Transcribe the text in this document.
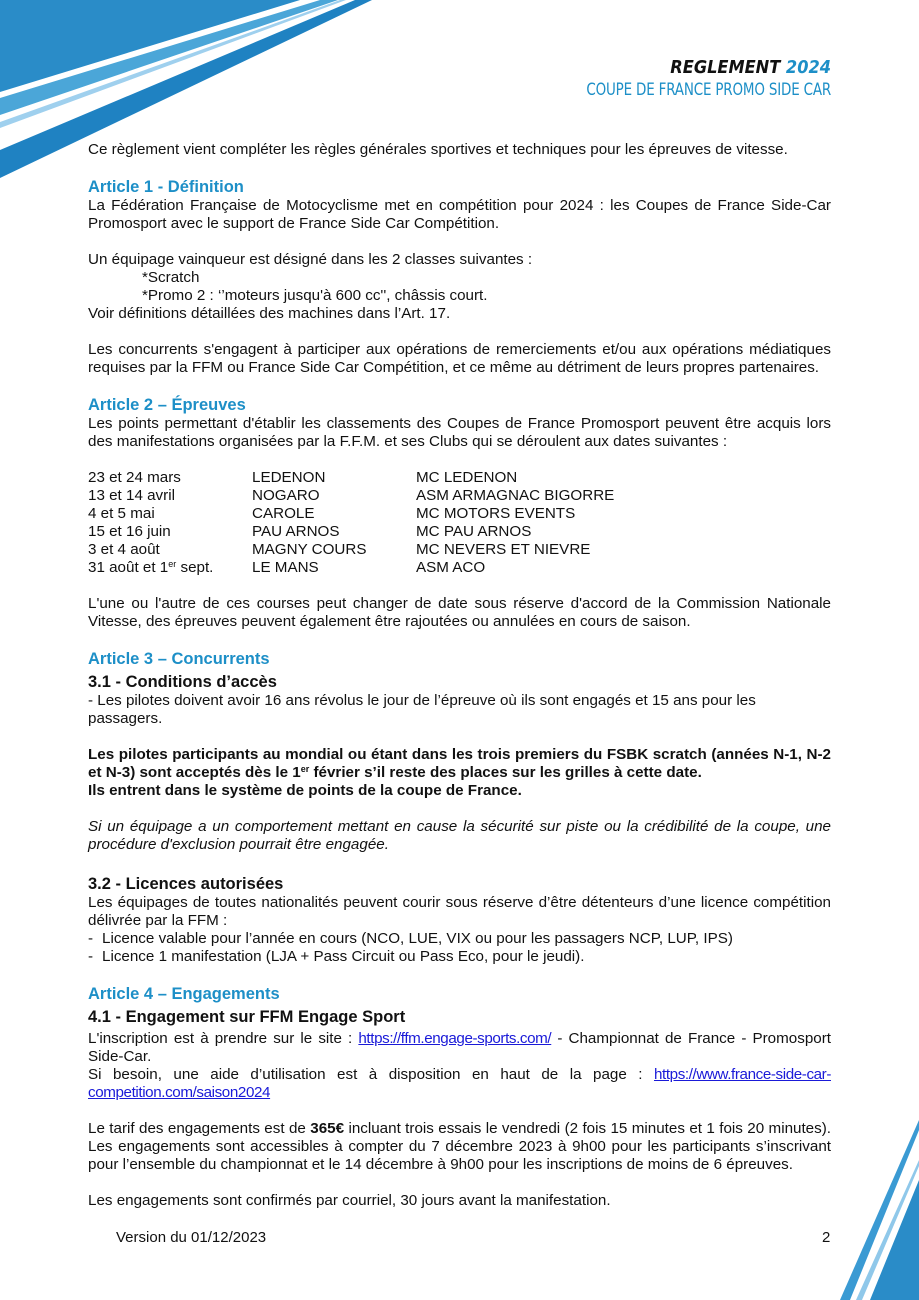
REGLEMENT 2024
COUPE DE FRANCE PROMO SIDE CAR

Ce règlement vient compléter les règles générales sportives et techniques pour les épreuves de vitesse.

Article 1 - Définition

La Fédération Française de Motocyclisme met en compétition pour 2024 : les Coupes de France Side-Car Promosport avec le support de France Side Car Compétition.

Un équipage vainqueur est désigné dans les 2 classes suivantes :

*Scratch

*Promo 2 : ‘’moteurs jusqu'à 600 cc'', châssis court.

Voir définitions détaillées des machines dans l’Art. 17.

Les concurrents s'engagent à participer aux opérations de remerciements et/ou aux opérations médiatiques requises par la FFM ou France Side Car Compétition, et ce même au détriment de leurs propres partenaires.

Article 2 – Épreuves

Les points permettant d'établir les classements des Coupes de France Promosport peuvent être acquis lors des manifestations organisées par la F.F.M. et ses Clubs qui se déroulent aux dates suivantes :

23 et 24 mars	LEDENON	MC LEDENON
13 et 14 avril	NOGARO	ASM ARMAGNAC BIGORRE
4 et 5 mai	CAROLE	MC MOTORS EVENTS
15 et 16 juin	PAU ARNOS	MC PAU ARNOS
3 et 4 août	MAGNY COURS	MC NEVERS ET NIEVRE
31 août et 1er sept.	LE MANS	ASM ACO

L'une ou l'autre de ces courses peut changer de date sous réserve d'accord de la Commission Nationale Vitesse, des épreuves peuvent également être rajoutées ou annulées en cours de saison.

Article 3 – Concurrents

3.1 - Conditions d’accès

- Les pilotes doivent avoir 16 ans révolus le jour de l’épreuve où ils sont engagés et 15 ans pour les passagers.

Les pilotes participants au mondial ou étant dans les trois premiers du FSBK scratch (années N-1, N-2 et N-3) sont acceptés dès le 1er février s’il reste des places sur les grilles à cette date.

Ils entrent dans le système de points de la coupe de France.

Si un équipage a un comportement mettant en cause la sécurité sur piste ou la crédibilité de la coupe, une procédure d'exclusion pourrait être engagée.

3.2 - Licences autorisées

Les équipages de toutes nationalités peuvent courir sous réserve d’être détenteurs d’une licence compétition délivrée par la FFM :

- Licence valable pour l’année en cours (NCO, LUE, VIX ou pour les passagers NCP, LUP, IPS)
- Licence 1 manifestation (LJA + Pass Circuit ou Pass Eco, pour le jeudi).

Article 4 – Engagements

4.1 - Engagement sur FFM Engage Sport

L'inscription est à prendre sur le site : https://ffm.engage-sports.com/ - Championnat de France - Promosport Side-Car.

Si besoin, une aide d’utilisation est à disposition en haut de la page : https://www.france-side-car-competition.com/saison2024

Le tarif des engagements est de 365€ incluant trois essais le vendredi (2 fois 15 minutes et 1 fois 20 minutes). Les engagements sont accessibles à compter du 7 décembre 2023 à 9h00 pour les participants s’inscrivant pour l’ensemble du championnat et le 14 décembre à 9h00 pour les inscriptions de moins de 6 épreuves.

Les engagements sont confirmés par courriel, 30 jours avant la manifestation.

Version du 01/12/2023	2
